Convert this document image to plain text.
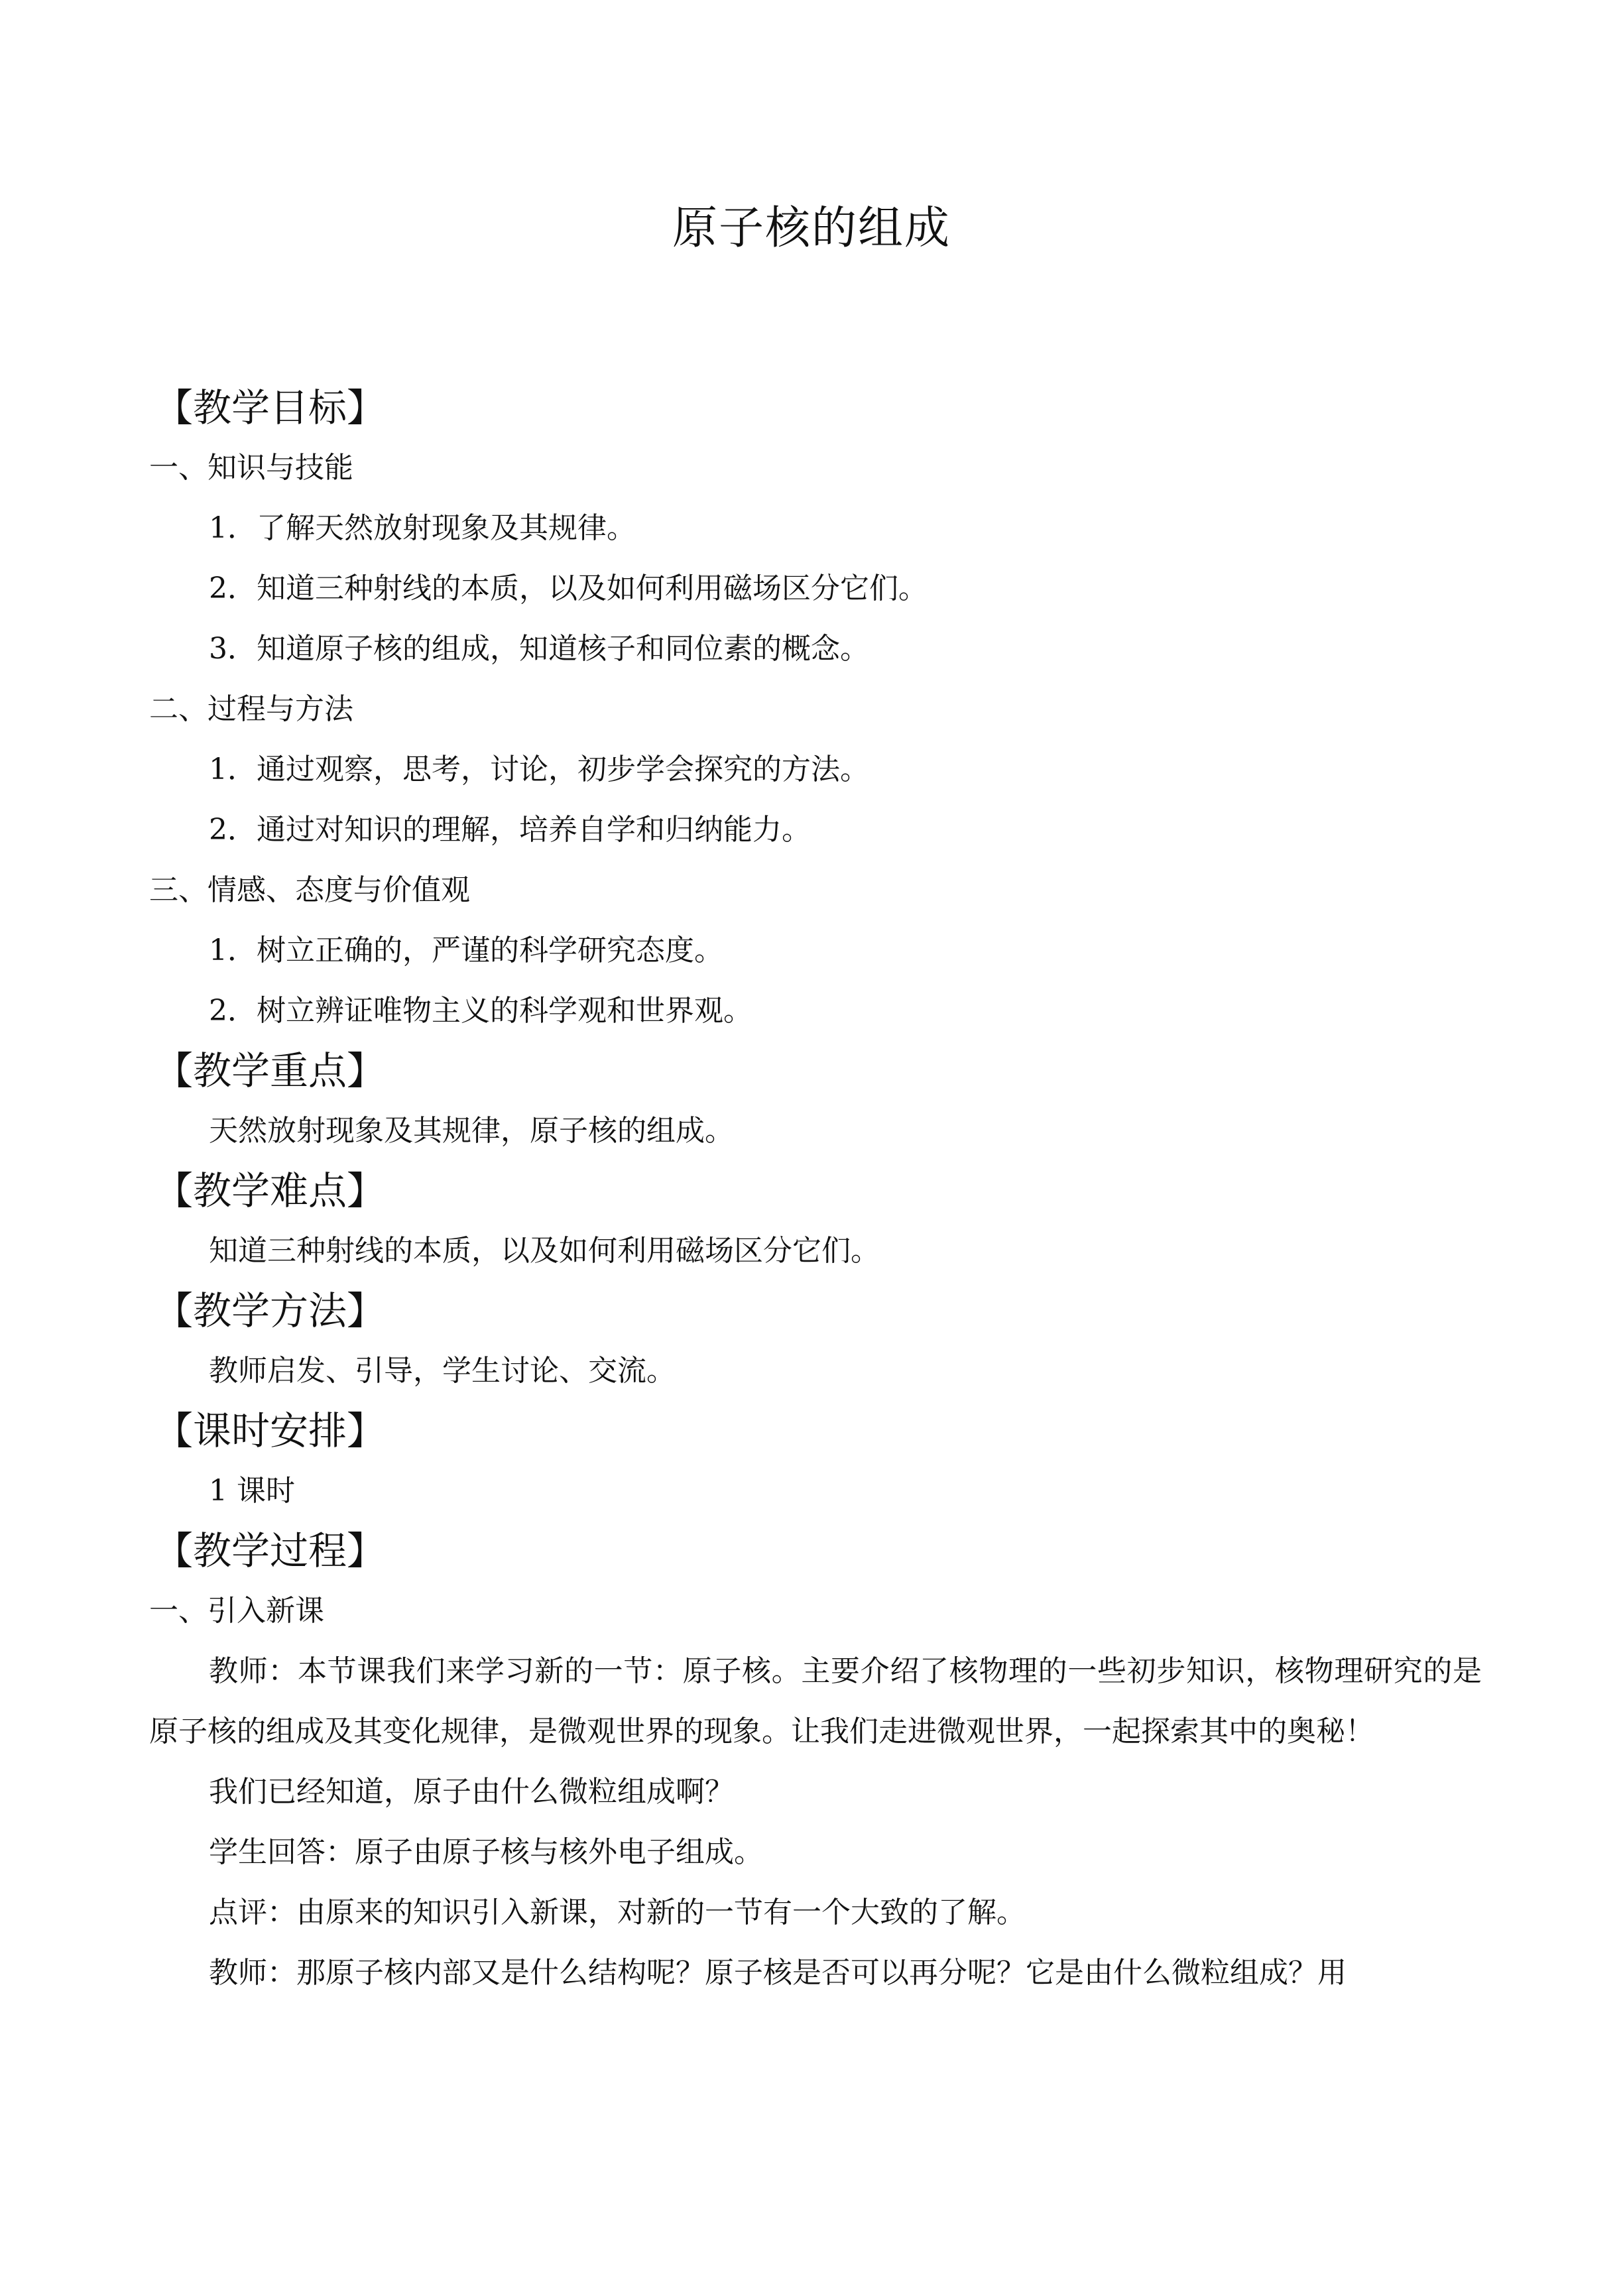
原子核的组成
【教学目标】
一、知识与技能
1．了解天然放射现象及其规律。
2．知道三种射线的本质，以及如何利用磁场区分它们。
3．知道原子核的组成，知道核子和同位素的概念。
二、过程与方法
1．通过观察，思考，讨论，初步学会探究的方法。
2．通过对知识的理解，培养自学和归纳能力。
三、情感、态度与价值观
1．树立正确的，严谨的科学研究态度。
2．树立辨证唯物主义的科学观和世界观。
【教学重点】
天然放射现象及其规律，原子核的组成。
【教学难点】
知道三种射线的本质，以及如何利用磁场区分它们。
【教学方法】
教师启发、引导，学生讨论、交流。
【课时安排】
1 课时
【教学过程】
一、引入新课
教师：本节课我们来学习新的一节：原子核。主要介绍了核物理的一些初步知识，核物理研究的是原子核的组成及其变化规律，是微观世界的现象。让我们走进微观世界，一起探索其中的奥秘！
我们已经知道，原子由什么微粒组成啊？
学生回答：原子由原子核与核外电子组成。
点评：由原来的知识引入新课，对新的一节有一个大致的了解。
教师：那原子核内部又是什么结构呢？原子核是否可以再分呢？它是由什么微粒组成？用
